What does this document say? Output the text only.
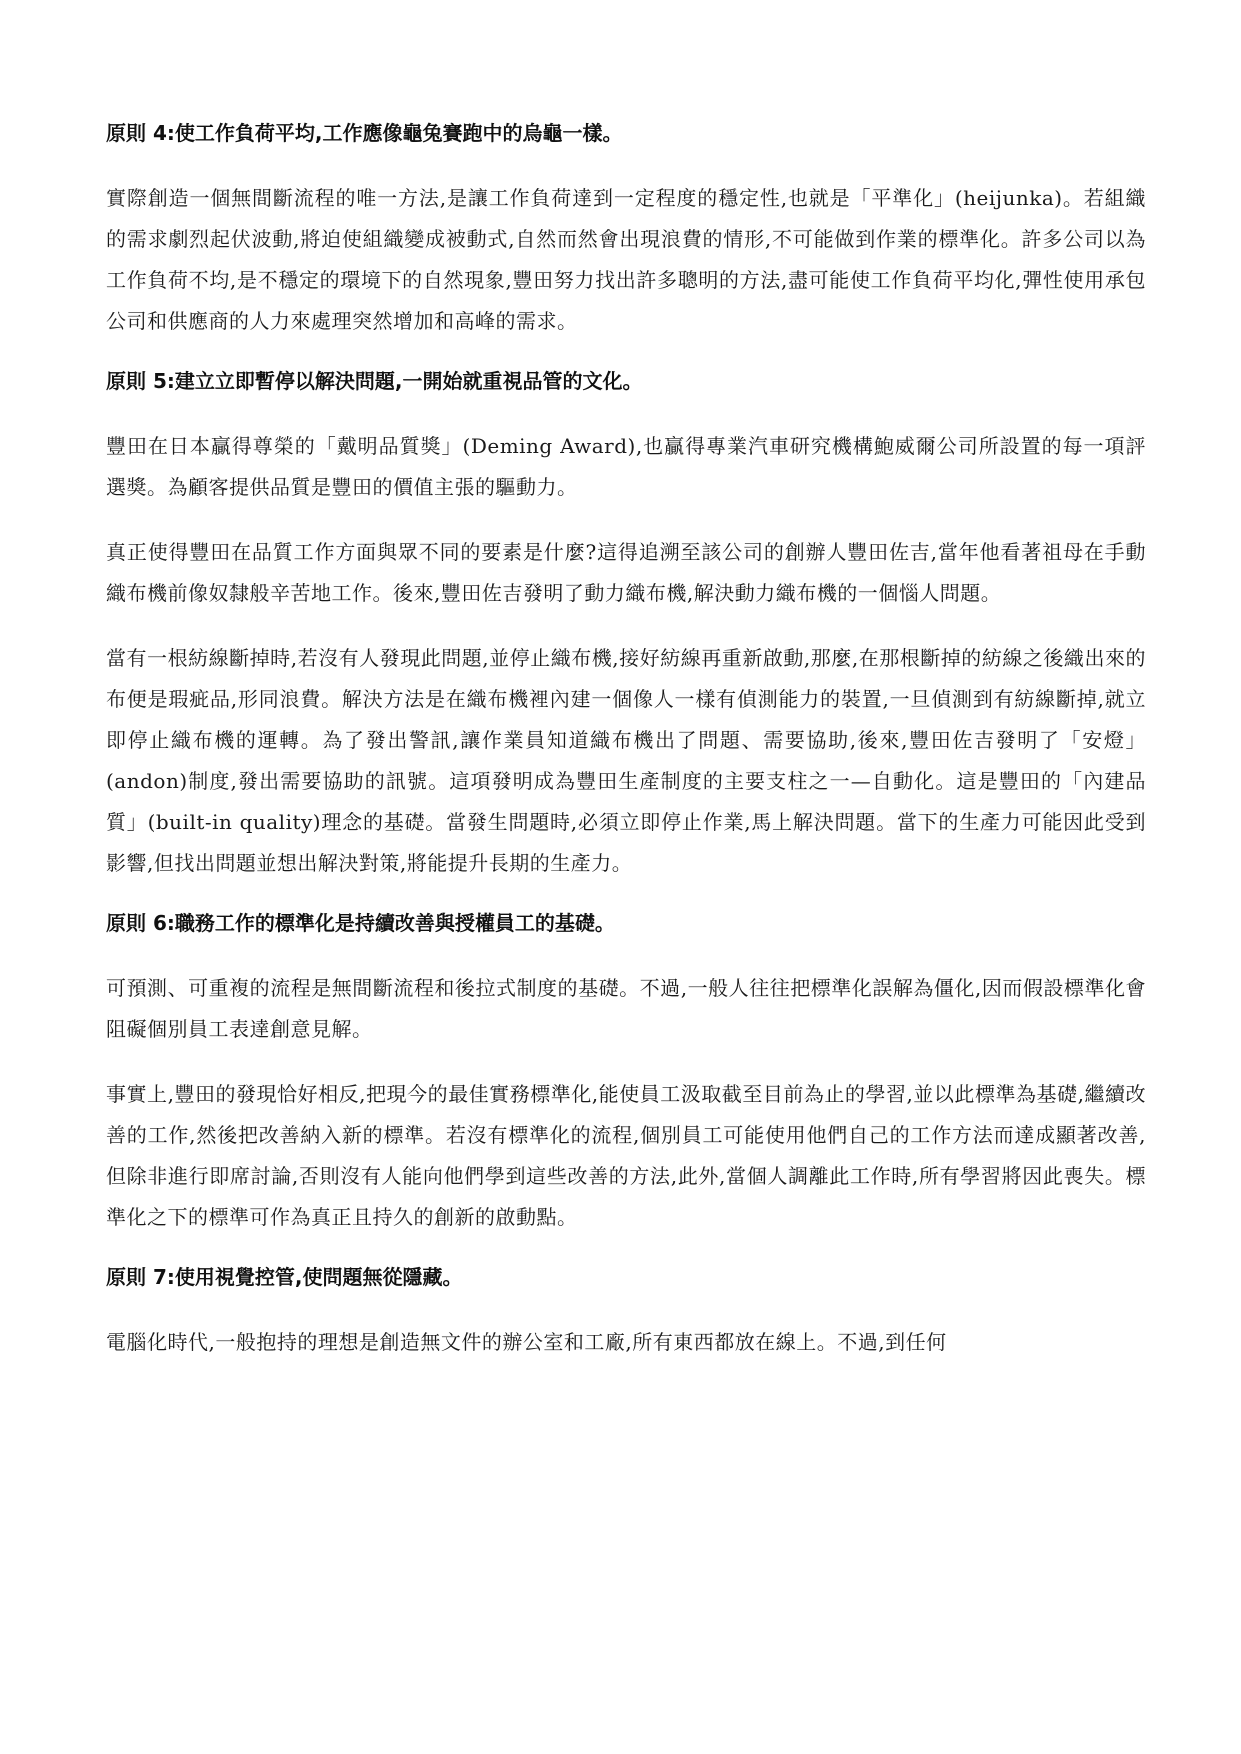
原則 4:使工作負荷平均,工作應像龜兔賽跑中的烏龜一樣。

實際創造一個無間斷流程的唯一方法,是讓工作負荷達到一定程度的穩定性,也就是「平準化」(heijunka)。若組織的需求劇烈起伏波動,將迫使組織變成被動式,自然而然會出現浪費的情形,不可能做到作業的標準化。許多公司以為工作負荷不均,是不穩定的環境下的自然現象,豐田努力找出許多聰明的方法,盡可能使工作負荷平均化,彈性使用承包公司和供應商的人力來處理突然增加和高峰的需求。

原則 5:建立立即暫停以解決問題,一開始就重視品管的文化。

豐田在日本贏得尊榮的「戴明品質獎」(Deming Award),也贏得專業汽車研究機構鮑威爾公司所設置的每一項評選獎。為顧客提供品質是豐田的價值主張的驅動力。

真正使得豐田在品質工作方面與眾不同的要素是什麼?這得追溯至該公司的創辦人豐田佐吉,當年他看著祖母在手動織布機前像奴隸般辛苦地工作。後來,豐田佐吉發明了動力織布機,解決動力織布機的一個惱人問題。

當有一根紡線斷掉時,若沒有人發現此問題,並停止織布機,接好紡線再重新啟動,那麼,在那根斷掉的紡線之後織出來的布便是瑕疵品,形同浪費。解決方法是在織布機裡內建一個像人一樣有偵測能力的裝置,一旦偵測到有紡線斷掉,就立即停止織布機的運轉。為了發出警訊,讓作業員知道織布機出了問題、需要協助,後來,豐田佐吉發明了「安燈」(andon)制度,發出需要協助的訊號。這項發明成為豐田生產制度的主要支柱之一—自動化。這是豐田的「內建品質」(built-in quality)理念的基礎。當發生問題時,必須立即停止作業,馬上解決問題。當下的生產力可能因此受到影響,但找出問題並想出解決對策,將能提升長期的生產力。

原則 6:職務工作的標準化是持續改善與授權員工的基礎。

可預測、可重複的流程是無間斷流程和後拉式制度的基礎。不過,一般人往往把標準化誤解為僵化,因而假設標準化會阻礙個別員工表達創意見解。

事實上,豐田的發現恰好相反,把現今的最佳實務標準化,能使員工汲取截至目前為止的學習,並以此標準為基礎,繼續改善的工作,然後把改善納入新的標準。若沒有標準化的流程,個別員工可能使用他們自己的工作方法而達成顯著改善,但除非進行即席討論,否則沒有人能向他們學到這些改善的方法,此外,當個人調離此工作時,所有學習將因此喪失。標準化之下的標準可作為真正且持久的創新的啟動點。

原則 7:使用視覺控管,使問題無從隱藏。

電腦化時代,一般抱持的理想是創造無文件的辦公室和工廠,所有東西都放在線上。不過,到任何
